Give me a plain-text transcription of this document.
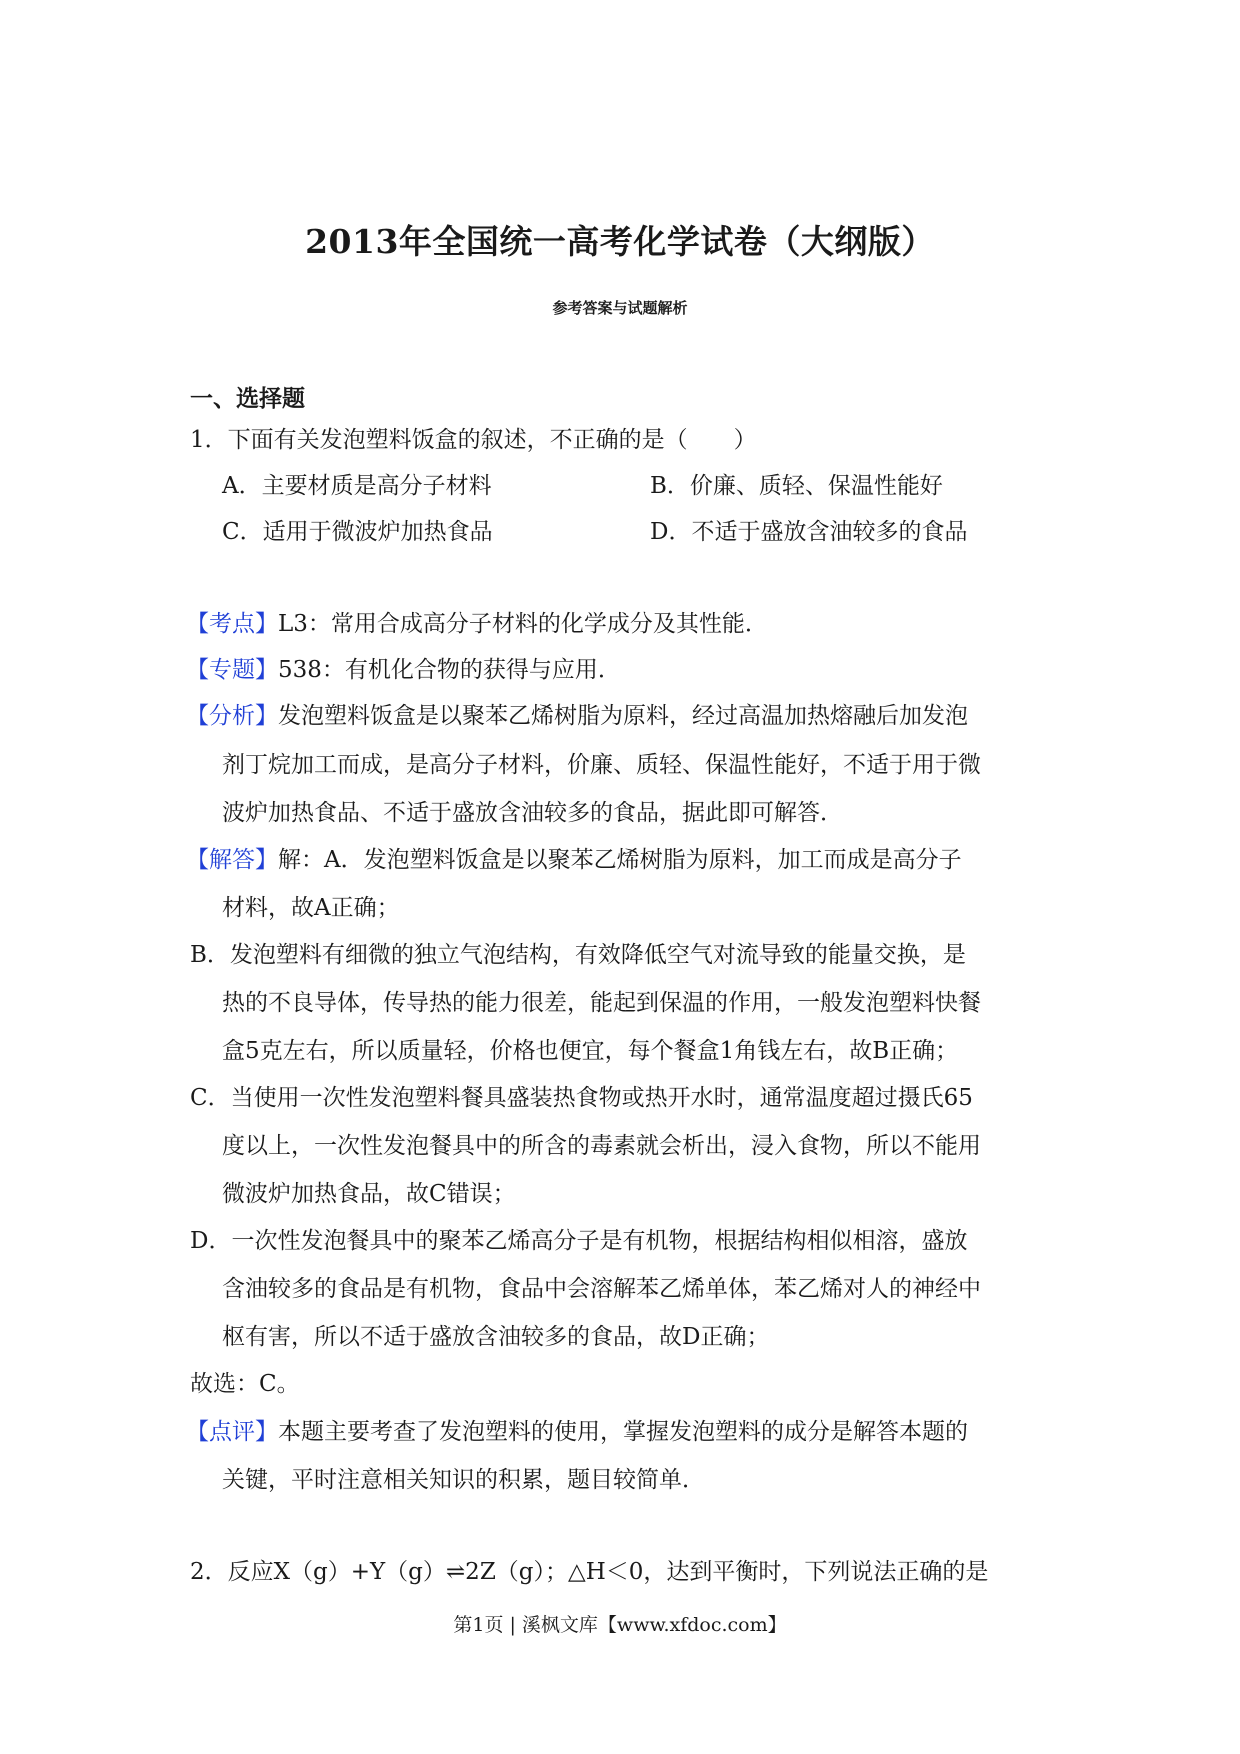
2013年全国统一高考化学试卷（大纲版）
参考答案与试题解析
一、选择题
1．下面有关发泡塑料饭盒的叙述，不正确的是（　　）
A．主要材质是高分子材料	B．价廉、质轻、保温性能好
C．适用于微波炉加热食品	D．不适于盛放含油较多的食品
【考点】L3：常用合成高分子材料的化学成分及其性能．
【专题】538：有机化合物的获得与应用．
【分析】发泡塑料饭盒是以聚苯乙烯树脂为原料，经过高温加热熔融后加发泡
剂丁烷加工而成，是高分子材料，价廉、质轻、保温性能好，不适于用于微
波炉加热食品、不适于盛放含油较多的食品，据此即可解答．
【解答】解：A．发泡塑料饭盒是以聚苯乙烯树脂为原料，加工而成是高分子
材料，故A正确；
B．发泡塑料有细微的独立气泡结构，有效降低空气对流导致的能量交换，是
热的不良导体，传导热的能力很差，能起到保温的作用，一般发泡塑料快餐
盒5克左右，所以质量轻，价格也便宜，每个餐盒1角钱左右，故B正确；
C．当使用一次性发泡塑料餐具盛装热食物或热开水时，通常温度超过摄氏65
度以上，一次性发泡餐具中的所含的毒素就会析出，浸入食物，所以不能用
微波炉加热食品，故C错误；
D．一次性发泡餐具中的聚苯乙烯高分子是有机物，根据结构相似相溶，盛放
含油较多的食品是有机物，食品中会溶解苯乙烯单体，苯乙烯对人的神经中
枢有害，所以不适于盛放含油较多的食品，故D正确；
故选：C。
【点评】本题主要考查了发泡塑料的使用，掌握发泡塑料的成分是解答本题的
关键，平时注意相关知识的积累，题目较简单．
2．反应X（g）+Y（g）⇌2Z（g）；△H＜0，达到平衡时，下列说法正确的是
第1页 | 溪枫文库【www.xfdoc.com】
